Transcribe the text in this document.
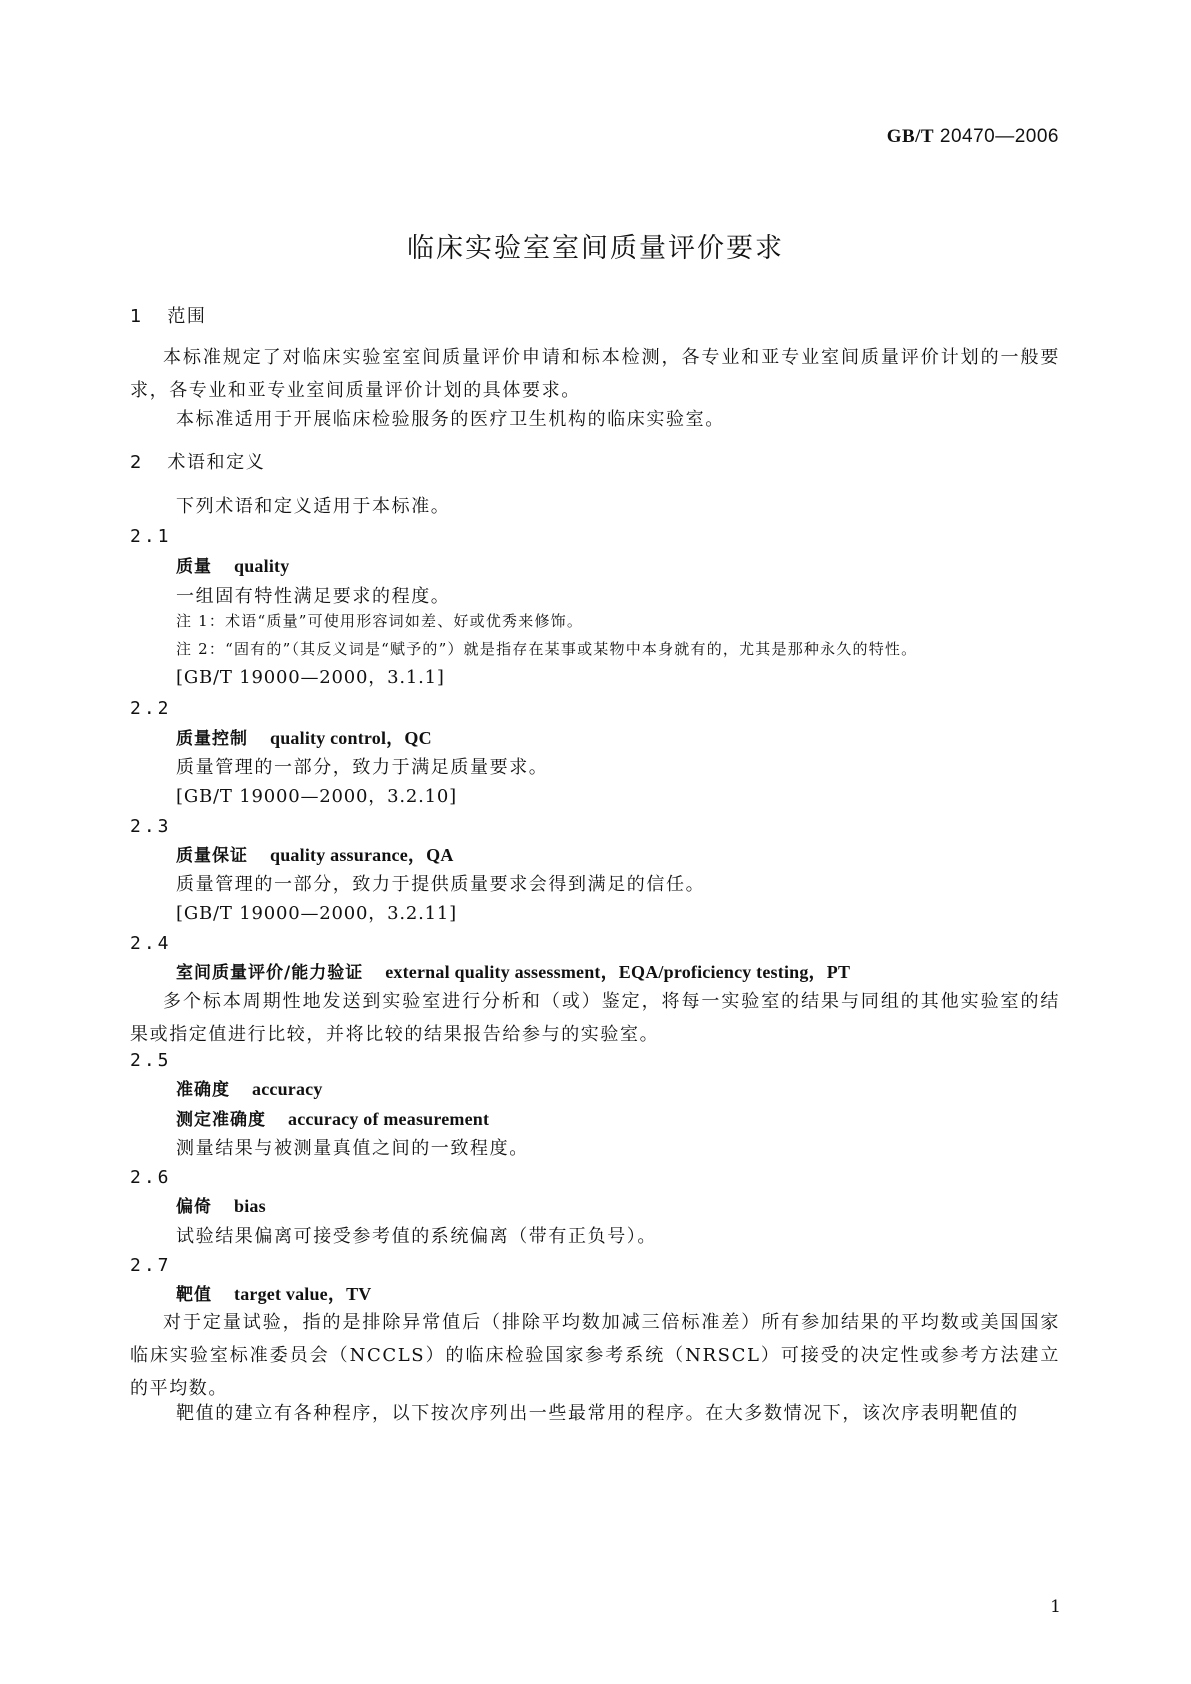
GB/T 20470—2006
临床实验室室间质量评价要求
1 范围
本标准规定了对临床实验室室间质量评价申请和标本检测，各专业和亚专业室间质量评价计划的一般要求，各专业和亚专业室间质量评价计划的具体要求。
本标准适用于开展临床检验服务的医疗卫生机构的临床实验室。
2 术语和定义
下列术语和定义适用于本标准。
2.1
质量 quality
一组固有特性满足要求的程度。
注 1：术语“质量”可使用形容词如差、好或优秀来修饰。
注 2：“固有的”（其反义词是“赋予的”）就是指存在某事或某物中本身就有的，尤其是那种永久的特性。
[GB/T 19000—2000，3.1.1]
2.2
质量控制 quality control，QC
质量管理的一部分，致力于满足质量要求。
[GB/T 19000—2000，3.2.10]
2.3
质量保证 quality assurance，QA
质量管理的一部分，致力于提供质量要求会得到满足的信任。
[GB/T 19000—2000，3.2.11]
2.4
室间质量评价/能力验证 external quality assessment，EQA/proficiency testing，PT
多个标本周期性地发送到实验室进行分析和（或）鉴定，将每一实验室的结果与同组的其他实验室的结果或指定值进行比较，并将比较的结果报告给参与的实验室。
2.5
准确度 accuracy
测定准确度 accuracy of measurement
测量结果与被测量真值之间的一致程度。
2.6
偏倚 bias
试验结果偏离可接受参考值的系统偏离（带有正负号）。
2.7
靶值 target value，TV
对于定量试验，指的是排除异常值后（排除平均数加减三倍标准差）所有参加结果的平均数或美国国家临床实验室标准委员会（NCCLS）的临床检验国家参考系统（NRSCL）可接受的决定性或参考方法建立的平均数。
靶值的建立有各种程序，以下按次序列出一些最常用的程序。在大多数情况下，该次序表明靶值的
1
